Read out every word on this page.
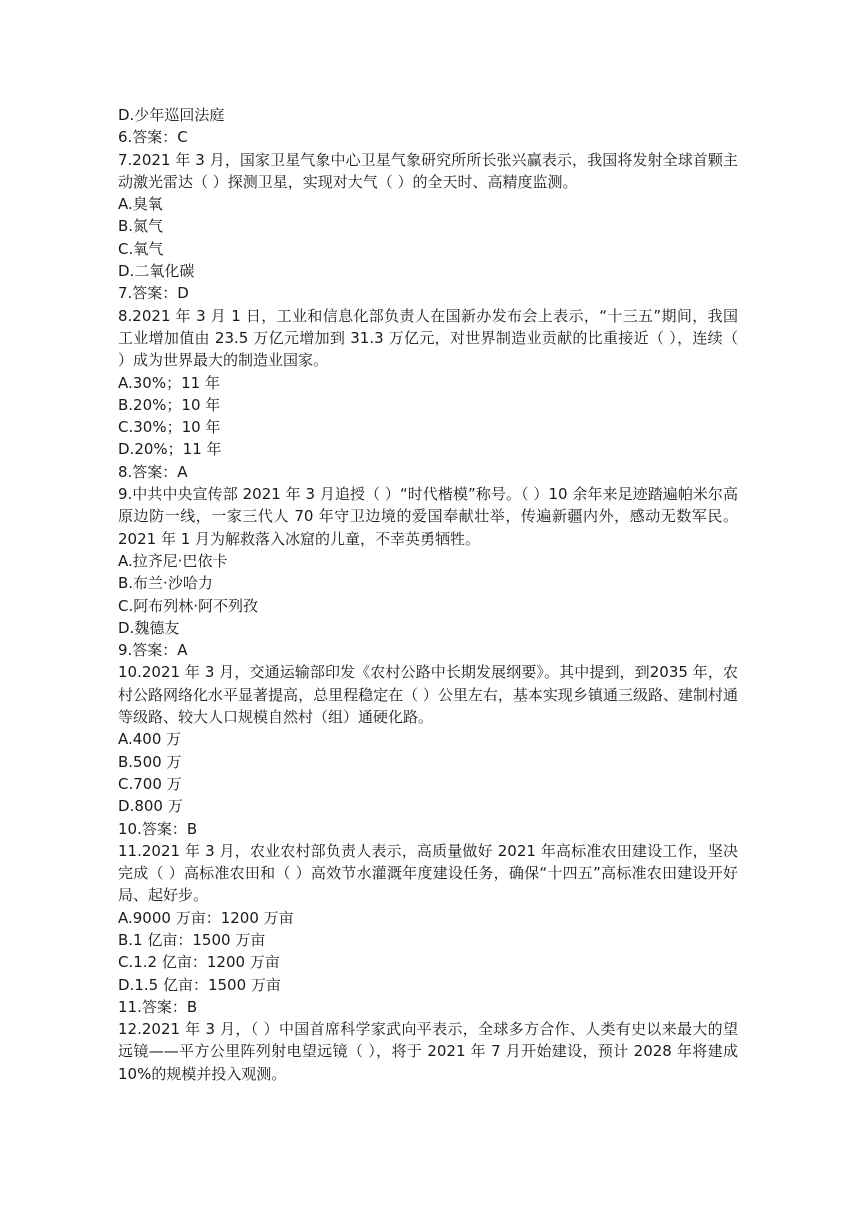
D.少年巡回法庭
6.答案：C
7.2021 年 3 月，国家卫星气象中心卫星气象研究所所长张兴赢表示，我国将发射全球首颗主动激光雷达（ ）探测卫星，实现对大气（ ）的全天时、高精度监测。
A.臭氧
B.氮气
C.氧气
D.二氧化碳
7.答案：D
8.2021 年 3 月 1 日，工业和信息化部负责人在国新办发布会上表示，“十三五”期间，我国工业增加值由 23.5 万亿元增加到 31.3 万亿元，对世界制造业贡献的比重接近（ ），连续（ ）成为世界最大的制造业国家。
A.30%；11 年
B.20%；10 年
C.30%；10 年
D.20%；11 年
8.答案：A
9.中共中央宣传部 2021 年 3 月追授（ ）“时代楷模”称号。（ ）10 余年来足迹踏遍帕米尔高原边防一线，一家三代人 70 年守卫边境的爱国奉献壮举，传遍新疆内外，感动无数军民。2021 年 1 月为解救落入冰窟的儿童，不幸英勇牺牲。
A.拉齐尼·巴依卡
B.布兰·沙哈力
C.阿布列林·阿不列孜
D.魏德友
9.答案：A
10.2021 年 3 月，交通运输部印发《农村公路中长期发展纲要》。其中提到，到2035 年，农村公路网络化水平显著提高，总里程稳定在（ ）公里左右，基本实现乡镇通三级路、建制村通等级路、较大人口规模自然村（组）通硬化路。
A.400 万
B.500 万
C.700 万
D.800 万
10.答案：B
11.2021 年 3 月，农业农村部负责人表示，高质量做好 2021 年高标准农田建设工作，坚决完成（ ）高标准农田和（ ）高效节水灌溉年度建设任务，确保“十四五”高标准农田建设开好局、起好步。
A.9000 万亩：1200 万亩
B.1 亿亩：1500 万亩
C.1.2 亿亩：1200 万亩
D.1.5 亿亩：1500 万亩
11.答案：B
12.2021 年 3 月，（ ）中国首席科学家武向平表示，全球多方合作、人类有史以来最大的望远镜——平方公里阵列射电望远镜（ ），将于 2021 年 7 月开始建设，预计 2028 年将建成 10%的规模并投入观测。
